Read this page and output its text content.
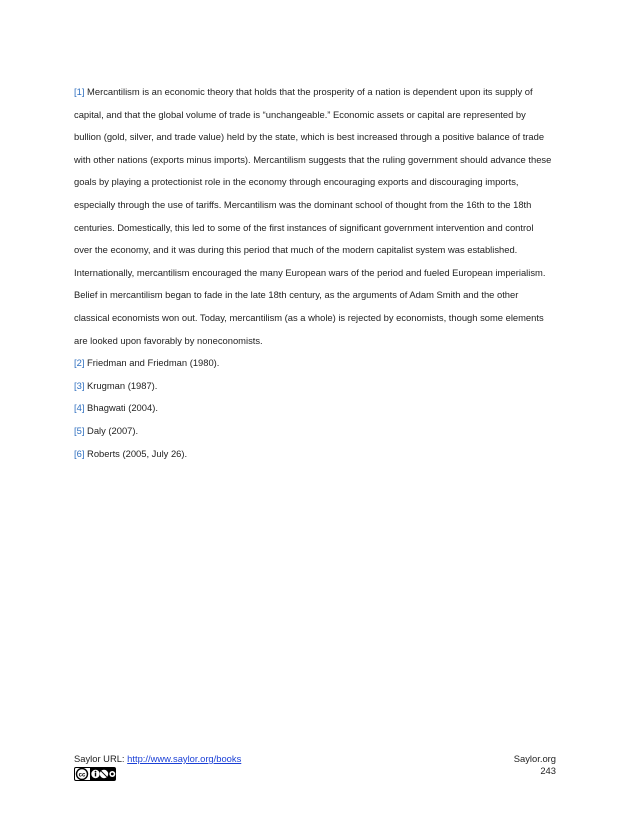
[1] Mercantilism is an economic theory that holds that the prosperity of a nation is dependent upon its supply of capital, and that the global volume of trade is “unchangeable.” Economic assets or capital are represented by bullion (gold, silver, and trade value) held by the state, which is best increased through a positive balance of trade with other nations (exports minus imports). Mercantilism suggests that the ruling government should advance these goals by playing a protectionist role in the economy through encouraging exports and discouraging imports, especially through the use of tariffs. Mercantilism was the dominant school of thought from the 16th to the 18th centuries. Domestically, this led to some of the first instances of significant government intervention and control over the economy, and it was during this period that much of the modern capitalist system was established. Internationally, mercantilism encouraged the many European wars of the period and fueled European imperialism. Belief in mercantilism began to fade in the late 18th century, as the arguments of Adam Smith and the other classical economists won out. Today, mercantilism (as a whole) is rejected by economists, though some elements are looked upon favorably by noneconomists.

[2] Friedman and Friedman (1980).

[3] Krugman (1987).

[4] Bhagwati (2004).

[5] Daly (2007).

[6] Roberts (2005, July 26).

Saylor URL: http://www.saylor.org/books	Saylor.org
243
cc
